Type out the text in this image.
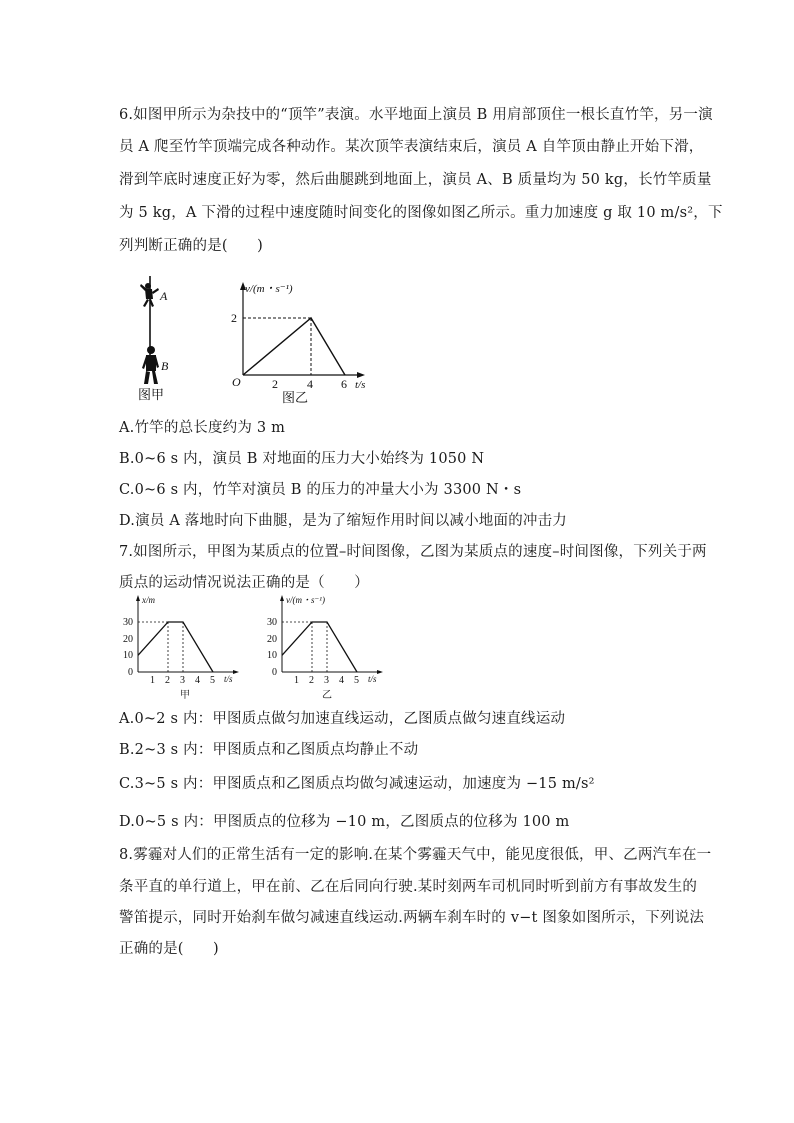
6.如图甲所示为杂技中的“顶竿”表演。水平地面上演员 B 用肩部顶住一根长直竹竿，另一演
员 A 爬至竹竿顶端完成各种动作。某次顶竿表演结束后，演员 A 自竿顶由静止开始下滑，
滑到竿底时速度正好为零，然后曲腿跳到地面上，演员 A、B 质量均为 50 kg，长竹竿质量
为 5 kg，A 下滑的过程中速度随时间变化的图像如图乙所示。重力加速度 g 取 10 m/s²，下
列判断正确的是(　　)
A
B
图甲
v/(m・s⁻¹)
t/s
O
2
2 4 6
图乙
A.竹竿的总长度约为 3 m
B.0~6 s 内，演员 B 对地面的压力大小始终为 1050 N
C.0~6 s 内，竹竿对演员 B 的压力的冲量大小为 3300 N・s
D.演员 A 落地时向下曲腿，是为了缩短作用时间以减小地面的冲击力
7.如图所示，甲图为某质点的位置–时间图像，乙图为某质点的速度–时间图像，下列关于两
质点的运动情况说法正确的是（　　）
x/m
t/s
30
20
10
0
1 2 3 4 5
甲
v/(m・s⁻¹)
t/s
30
20
10
0
1 2 3 4 5
乙
A.0~2 s 内：甲图质点做匀加速直线运动，乙图质点做匀速直线运动
B.2~3 s 内：甲图质点和乙图质点均静止不动
C.3~5 s 内：甲图质点和乙图质点均做匀减速运动，加速度为 −15 m/s²
D.0~5 s 内：甲图质点的位移为 −10 m，乙图质点的位移为 100 m
8.雾霾对人们的正常生活有一定的影响.在某个雾霾天气中，能见度很低，甲、乙两汽车在一
条平直的单行道上，甲在前、乙在后同向行驶.某时刻两车司机同时听到前方有事故发生的
警笛提示，同时开始刹车做匀减速直线运动.两辆车刹车时的 v−t 图象如图所示，下列说法
正确的是(　　)
